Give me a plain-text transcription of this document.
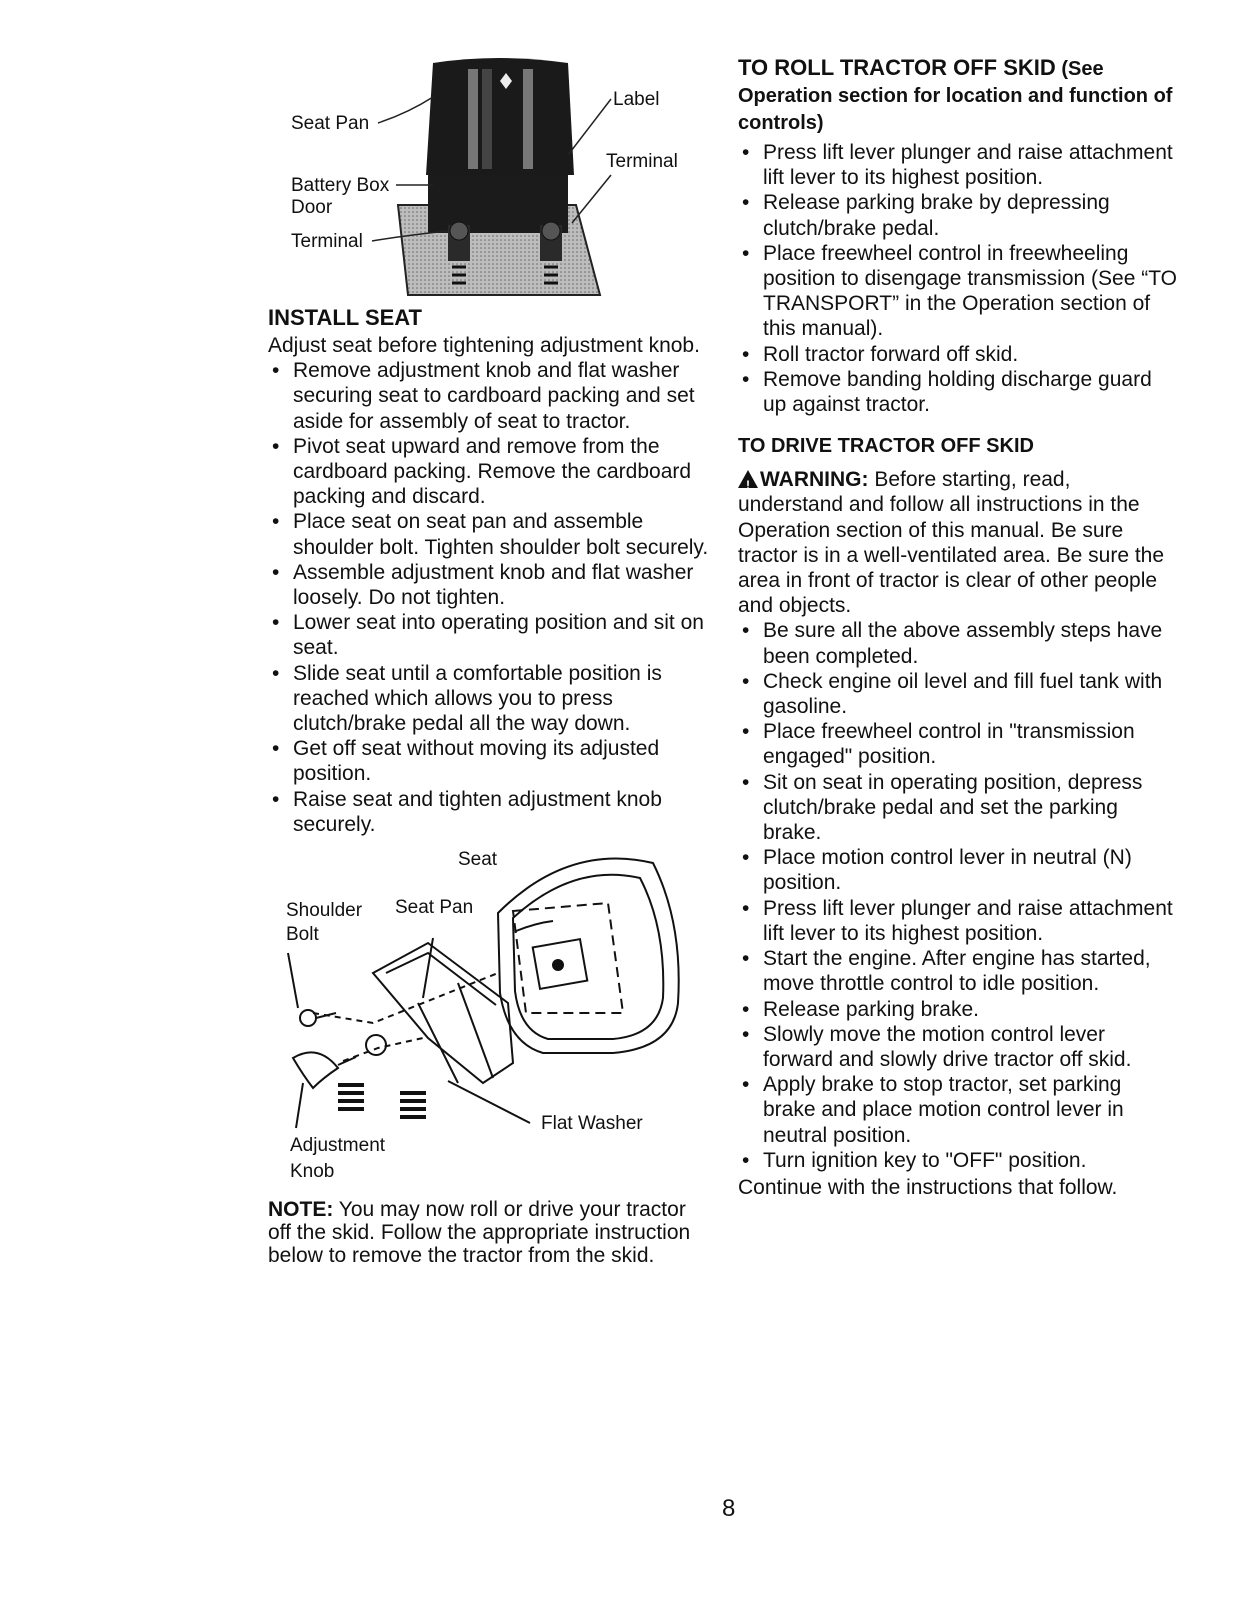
Seat Pan
Battery Box
Door
Terminal
Label
Terminal
INSTALL SEAT

Adjust seat before tightening adjustment knob.

• Remove adjustment knob and flat washer securing seat to cardboard packing and set aside for assembly of seat to tractor.
• Pivot seat upward and remove from the cardboard packing. Remove the cardboard packing and discard.
• Place seat on seat pan and assemble shoulder bolt. Tighten shoulder bolt securely.
• Assemble adjustment knob and flat washer loosely. Do not tighten.
• Lower seat into operating position and sit on seat.
• Slide seat until a comfortable position is reached which allows you to press clutch/brake pedal all the way down.
• Get off seat without moving its adjusted position.
• Raise seat and tighten adjustment knob securely.
Seat
Shoulder
Bolt
Seat Pan
Flat Washer
Adjustment
Knob

NOTE: You may now roll or drive your tractor off the skid. Follow the appropriate instruction below to remove the tractor from the skid.

TO ROLL TRACTOR OFF SKID (See Operation section for location and function of controls)
• Press lift lever plunger and raise attachment lift lever to its highest position.
• Release parking brake by depressing clutch/brake pedal.
• Place freewheel control in freewheeling position to disengage transmission (See “TO TRANSPORT” in the Operation section of this manual).
• Roll tractor forward off skid.
• Remove banding holding discharge guard up against tractor.
TO DRIVE TRACTOR OFF SKID

! WARNING: Before starting, read, understand and follow all instructions in the Operation section of this manual. Be sure tractor is in a well-ventilated area. Be sure the area in front of tractor is clear of other people and objects.

• Be sure all the above assembly steps have been completed.
• Check engine oil level and fill fuel tank with gasoline.
• Place freewheel control in "transmission engaged" position.
• Sit on seat in operating position, depress clutch/brake pedal and set the parking brake.
• Place motion control lever in neutral (N) position.
• Press lift lever plunger and raise attachment lift lever to its highest position.
• Start the engine. After engine has started, move throttle control to idle position.
• Release parking brake.
• Slowly move the motion control lever forward and slowly drive tractor off skid.
• Apply brake to stop tractor, set parking brake and place motion control lever in neutral position.
• Turn ignition key to "OFF" position.

Continue with the instructions that follow.

8
